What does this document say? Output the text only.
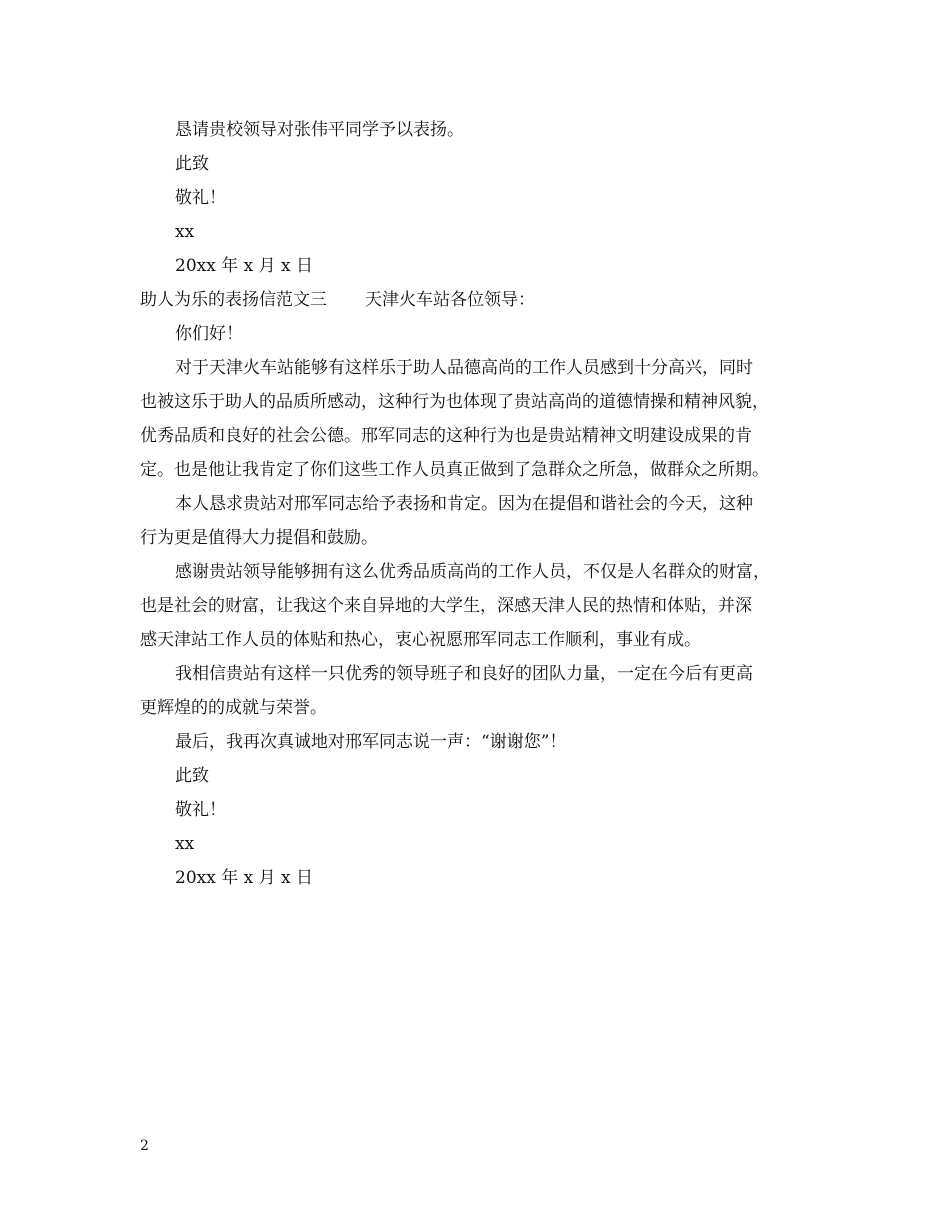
恳请贵校领导对张伟平同学予以表扬。

此致

敬礼！

xx

20xx 年 x 月 x 日

助人为乐的表扬信范文三 天津火车站各位领导：

你们好！

对于天津火车站能够有这样乐于助人品德高尚的工作人员感到十分高兴，同时

也被这乐于助人的品质所感动，这种行为也体现了贵站高尚的道德情操和精神风貌，

优秀品质和良好的社会公德。邢军同志的这种行为也是贵站精神文明建设成果的肯

定。也是他让我肯定了你们这些工作人员真正做到了急群众之所急，做群众之所期。

本人恳求贵站对邢军同志给予表扬和肯定。因为在提倡和谐社会的今天，这种

行为更是值得大力提倡和鼓励。

感谢贵站领导能够拥有这么优秀品质高尚的工作人员，不仅是人名群众的财富，

也是社会的财富，让我这个来自异地的大学生，深感天津人民的热情和体贴，并深

感天津站工作人员的体贴和热心，衷心祝愿邢军同志工作顺利，事业有成。

我相信贵站有这样一只优秀的领导班子和良好的团队力量，一定在今后有更高

更辉煌的的成就与荣誉。

最后，我再次真诚地对邢军同志说一声：“谢谢您”！

此致

敬礼！

xx

20xx 年 x 月 x 日

2
